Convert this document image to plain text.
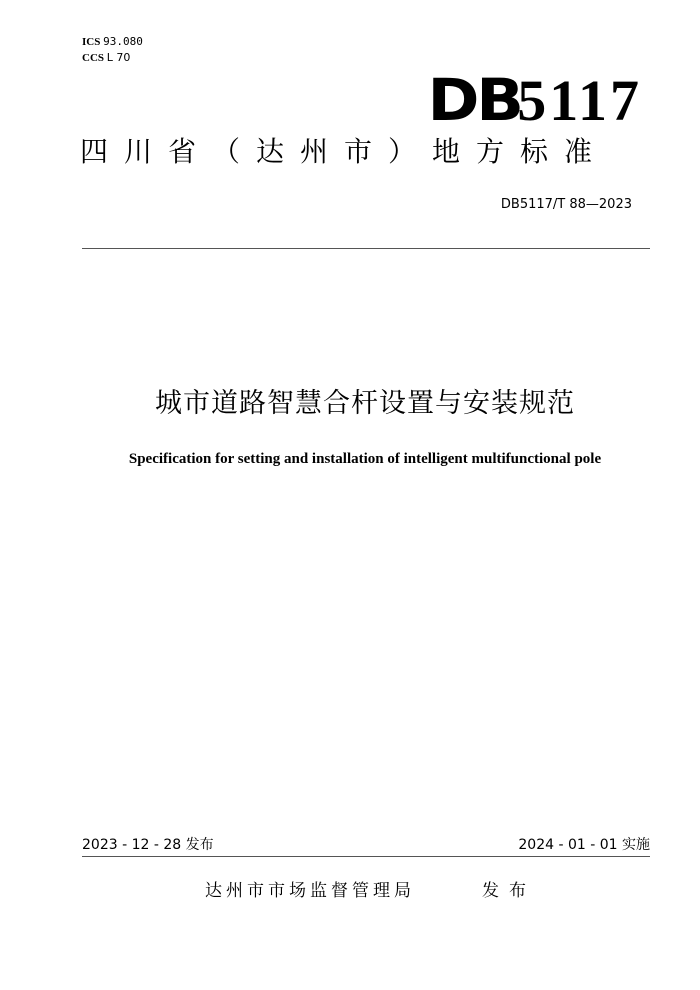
ICS 93.080
CCS L 70
DB5117
四川省（达州市）地方标准
DB5117/T 88—2023
城市道路智慧合杆设置与安装规范
Specification for setting and installation of intelligent multifunctional pole
2023 - 12 - 28 发布	2024 - 01 - 01 实施
达州市市场监督管理局	发布
